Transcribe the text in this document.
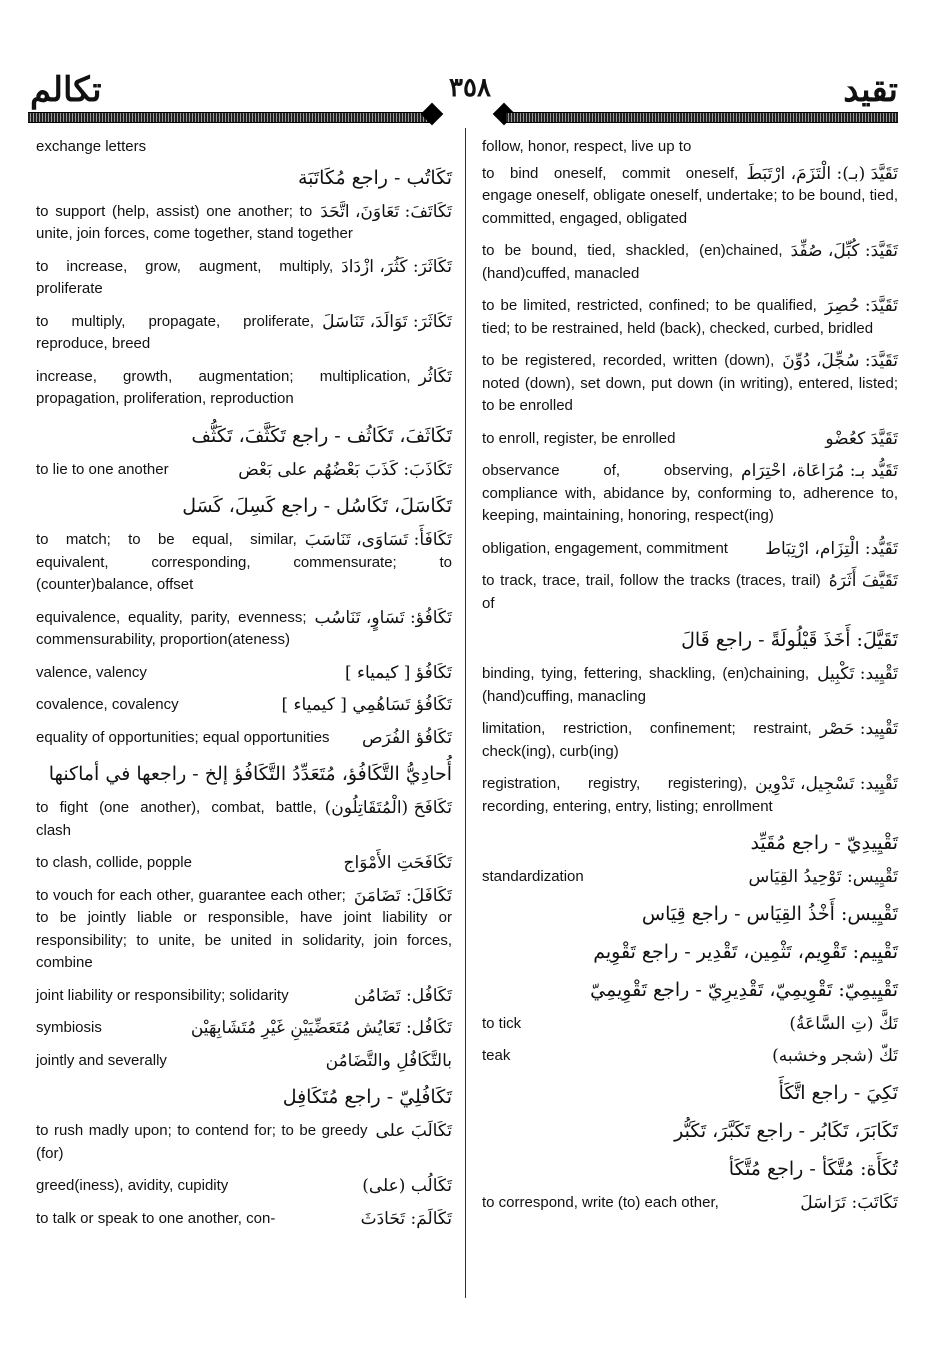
تكالم	٣٥٨	تقيد
exchange letters
تَكَاتُب - راجع مُكَاتَبَة
تَكَاتَفَ: تَعَاوَنَ، اتَّحَدَ
to support (help, assist) one another; to unite, join forces, come together, stand together
تَكَاثَرَ: كَثُرَ، ازْدَادَ
to increase, grow, augment, multiply, proliferate
تَكَاثَرَ: تَوَالَدَ، تَنَاسَلَ
to multiply, propagate, proliferate, reproduce, breed
تَكَاثُر
increase, growth, augmentation; multiplication, propagation, proliferation, reproduction
تَكَاثَفَ، تَكَاثُف - راجع تَكَثَّفَ، تَكَثُّف
تَكَاذَبَ: كَذَبَ بَعْضُهُم على بَعْض
to lie to one another
تَكَاسَلَ، تَكَاسُل - راجع كَسِلَ، كَسَل
تَكَافَأَ: تَسَاوَى، تَنَاسَبَ
to match; to be equal, similar, equivalent, corresponding, commensurate; to (counter)balance, offset
تَكَافُؤ: تَسَاوٍ، تَنَاسُب
equivalence, equality, parity, evenness; commensurability, proportion(ateness)
تَكَافُؤ [ كيمياء ]
valence, valency
تَكَافُؤ تَسَاهُمِي [ كيمياء ]
covalence, covalency
تَكَافُؤ الفُرَص
equality of opportunities; equal opportunities
أُحادِيُّ التَّكَافُؤ، مُتَعَدِّدُ التَّكَافُؤ إلخ - راجعها في أماكنها
تَكَافَحَ (الْمُتَقَاتِلُون)
to fight (one another), combat, battle, clash
تَكَافَحَتِ الأَمْوَاج
to clash, collide, popple
تَكَافَلَ: تَضَامَنَ
to vouch for each other, guarantee each other; to be jointly liable or responsible, have joint liability or responsibility; to unite, be united in solidarity, join forces, combine
تَكَافُل: تَضَامُن
joint liability or responsibility; solidarity
تَكَافُل: تَعَايُش مُتَعَضِّيَيْنِ غَيْرِ مُتَشَابِهَيْن
symbiosis
بالتَّكَافُلِ والتَّضَامُن
jointly and severally
تَكَافُلِيّ - راجع مُتَكَافِل
تَكَالَبَ على
to rush madly upon; to contend for; to be greedy (for)
تَكَالُب (على)
greed(iness), avidity, cupidity
تَكَالَمَ: تَحَادَثَ
to talk or speak to one another, con-
follow, honor, respect, live up to
تَقَيَّدَ (بـ): الْتَزَمَ، ارْتَبَطَ
to bind oneself, commit oneself, engage oneself, obligate oneself, undertake; to be bound, tied, committed, engaged, obligated
تَقَيَّدَ: كُبِّلَ، صُفِّدَ
to be bound, tied, shackled, (en)chained, (hand)cuffed, manacled
تَقَيَّدَ: حُصِرَ
to be limited, restricted, confined; to be qualified, tied; to be restrained, held (back), checked, curbed, bridled
تَقَيَّدَ: سُجِّلَ، دُوِّنَ
to be registered, recorded, written (down), noted (down), set down, put down (in writing), entered, listed; to be enrolled
تَقَيَّدَ كعُضْو
to enroll, register, be enrolled
تَقَيُّد بـ: مُرَاعَاة، احْتِرَام
observance of, observing, compliance with, abidance by, conforming to, adherence to, keeping, maintaining, honoring, respect(ing)
تَقَيُّد: الْتِزَام، ارْتِبَاط
obligation, engagement, commitment
تَقَيَّفَ أَثَرَهُ
to track, trace, trail, follow the tracks (traces, trail) of
تَقَيَّلَ: أَخَذَ قَيْلُولَةً - راجع قَالَ
تَقْيِيد: تَكْبِيل
binding, tying, fettering, shackling, (en)chaining, (hand)cuffing, manacling
تَقْيِيد: حَصْر
limitation, restriction, confinement; restraint, check(ing), curb(ing)
تَقْيِيد: تَسْجِيل، تَدْوِين
registration, registry, registering), recording, entering, entry, listing; enrollment
تَقْيِيدِيّ - راجع مُقَيِّد
تَقْيِيس: تَوْحِيدُ القِيَاس
standardization
تَقْيِيس: أَخْذُ القِيَاس - راجع قِيَاس
تَقْيِيم: تَقْوِيم، تَثْمِين، تَقْدِير - راجع تَقْوِيم
تَقْيِيمِيّ: تَقْوِيمِيّ، تَقْدِيرِيّ - راجع تَقْوِيمِيّ
تَكَّ (تِ السَّاعَةُ)
to tick
تَكّ (شجر وخشبه)
teak
تَكِيَ - راجع اتَّكَأَ
تَكَابَرَ، تَكَابُر - راجع تَكَبَّرَ، تَكَبُّر
تُكَأَة: مُتَّكَأ - راجع مُتَّكَأ
تَكَاتَبَ: تَرَاسَلَ
to correspond, write (to) each other,
